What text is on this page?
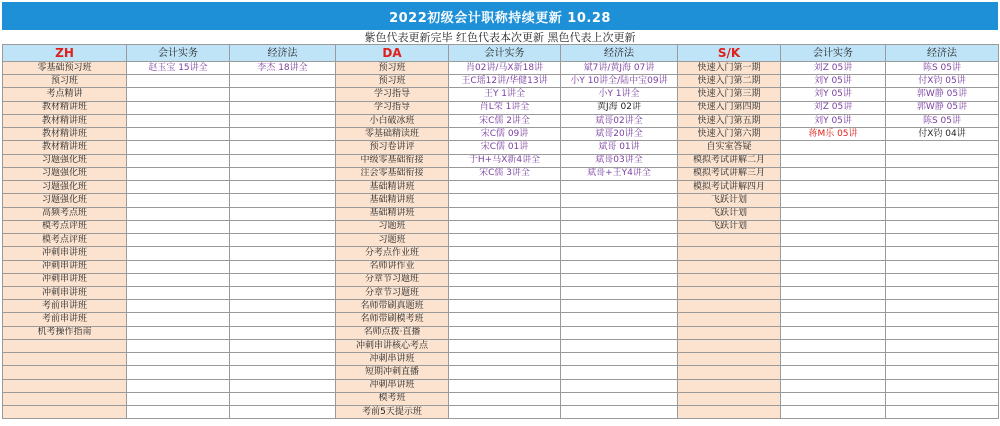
2022初级会计职称持续更新 10.28
紫色代表更新完毕 红色代表本次更新 黑色代表上次更新
ZH	会计实务	经济法	DA	会计实务	经济法	S/K	会计实务	经济法
零基础预习班	赵玉宝 15讲全	李杰 18讲全	预习班	肖02讲/马X新18讲	斌7讲/黄J海 07讲	快速入门第一期	刘Z 05讲	陈S 05讲
预习班			预习班	王C瑶12讲/华健13讲	小Y 10讲全/陆中宝09讲	快速入门第二期	刘Y 05讲	付X钧 05讲
考点精讲			学习指导	王Y 1讲全	小Y 1讲全	快速入门第三期	刘Y 05讲	郭W静 05讲
教材精讲班			学习指导	肖L荣 1讲全	黄J海 02讲	快速入门第四期	刘Z 05讲	郭W静 05讲
教材精讲班			小白破冰班	宋C儒 2讲全	斌哥02讲全	快速入门第五期	刘Y 05讲	陈S 05讲
教材精讲班			零基础精读班	宋C儒 09讲	斌哥20讲全	快速入门第六期	蒋M乐 05讲	付X钧 04讲
教材精讲班			预习卷讲评	宋C儒 01讲	斌哥 01讲	自实室答疑		
习题强化班			中级零基础衔接	于H+马X新4讲全	斌哥03讲全	模拟考试讲解二月		
习题强化班			注会零基础衔接	宋C儒 3讲全	斌哥+王Y4讲全	模拟考试讲解三月		
习题强化班			基础精讲班			模拟考试讲解四月		
习题强化班			基础精讲班			飞跃计划		
高频考点班			基础精讲班			飞跃计划		
模考点评班			习题班			飞跃计划		
模考点评班			习题班					
冲刺串讲班			分考点作业班					
冲刺串讲班			名师讲作业					
冲刺串讲班			分章节习题班					
冲刺串讲班			分章节习题班					
考前串讲班			名师带刷真题班					
考前串讲班			名师带刷模考班					
机考操作指南			名师点拨·直播					
			冲刺串讲核心考点					
			冲刺串讲班					
			短期冲刺直播					
			冲刺串讲班					
			模考班					
			考前5天提示班					
